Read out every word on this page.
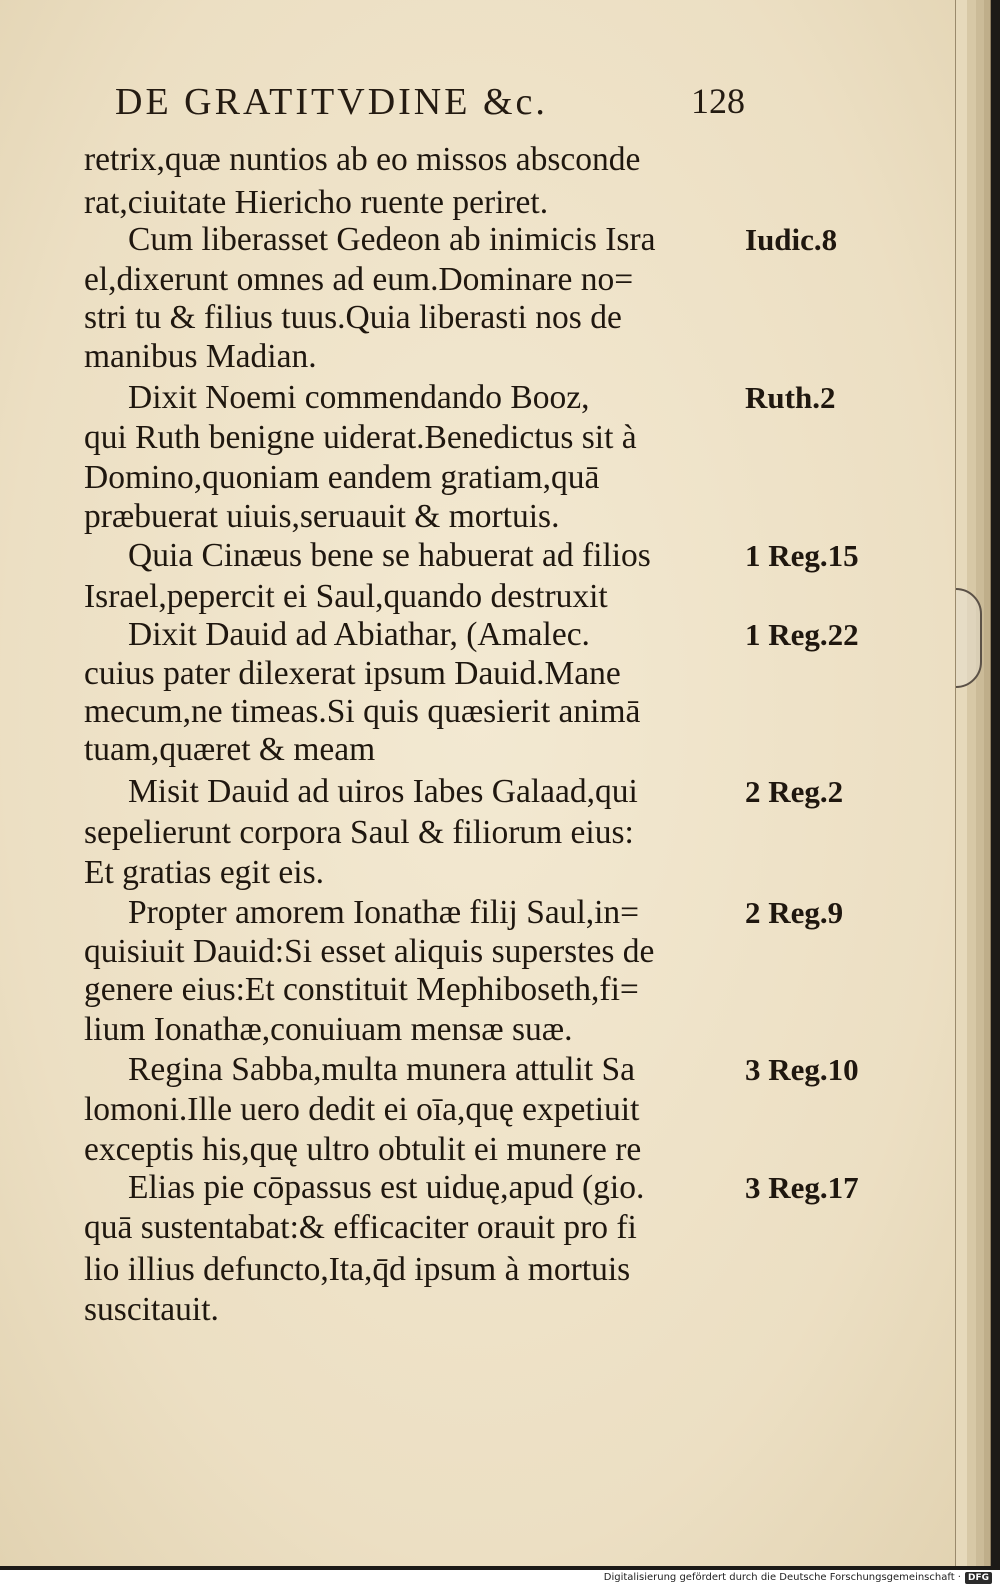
DE GRATITVDINE &c.	128
retrix,quæ nuntios ab eo missos abscondе
rat,ciuitate Hiericho ruente periret.
Cum liberasset Gedeon ab inimicis Isra
el,dixerunt omnes ad eum.Dominare no=
stri tu & filius tuus.Quia liberasti nos de
manibus Madian.
Dixit Noemi commendando Booz,
qui Ruth benigne uiderat.Benedictus sit à
Domino,quoniam eandem gratiam,quā
præbuerat uiuis,seruauit & mortuis.
Quia Cinæus bene se habuerat ad filios
Israel,pepercit ei Saul,quando destruxit
Dixit Dauid ad Abiathar, (Amalec.
cuius pater dilexerat ipsum Dauid.Mane
mecum,ne timeas.Si quis quæsierit animā
tuam,quæret & meam
Misit Dauid ad uiros Iabes Galaad,qui
sepelierunt corpora Saul & filiorum eius:
Et gratias egit eis.
Propter amorem Ionathæ filij Saul,in=
quisiuit Dauid:Si esset aliquis superstes de
genere eius:Et constituit Mephiboseth,fi=
lium Ionathæ,conuiuam mensæ suæ.
Regina Sabba,multa munera attulit Sa
lomoni.Ille uero dedit ei oīa,quę expetiuit
exceptis his,quę ultro obtulit ei munere re
Elias pie cōpassus est uiduę,apud (gio.
quā sustentabat:& efficaciter orauit pro fi
lio illius defuncto,Ita,q̄d ipsum à mortuis
suscitauit.
Iudic.8
Ruth.2
1 Reg.15
1 Reg.22
2 Reg.2
2 Reg.9
3 Reg.10
3 Reg.17
Digitalisierung gefördert durch die Deutsche Forschungsgemeinschaft · DFG
